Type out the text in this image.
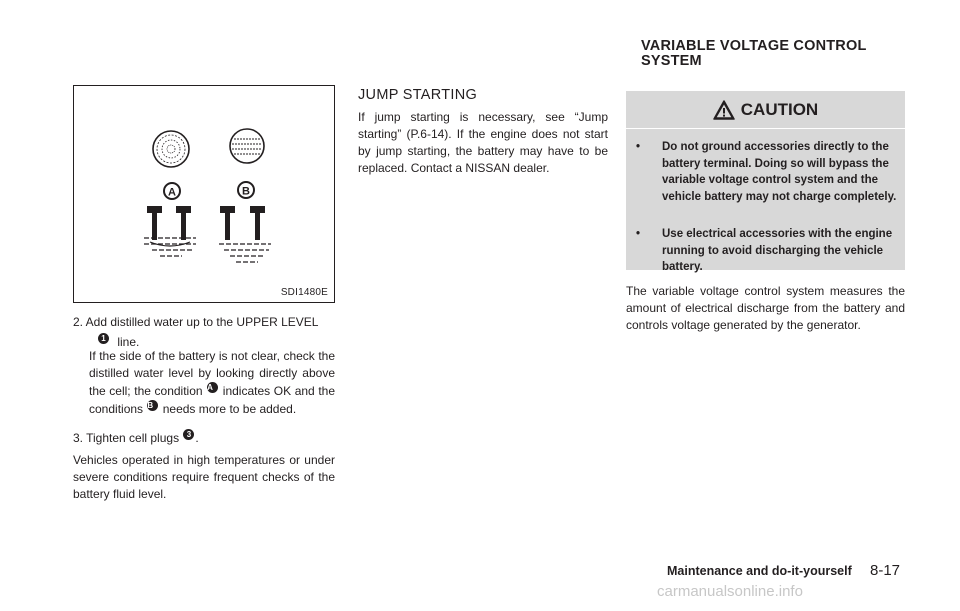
A	B
SDI1480E

2. Add distilled water up to the UPPER LEVEL

1 line.

If the side of the battery is not clear, check the distilled water level by looking directly above the cell; the condition A indicates OK and the conditions B needs more to be added.

3. Tighten cell plugs 3 .

Vehicles operated in high temperatures or under severe conditions require frequent checks of the battery fluid level.

JUMP STARTING

If jump starting is necessary, see “Jump starting” (P.6-14). If the engine does not start by jump starting, the battery may have to be replaced. Contact a NISSAN dealer.

CAUTION
• Do not ground accessories directly to the battery terminal. Doing so will bypass the variable voltage control system and the vehicle battery may not charge completely.
• Use electrical accessories with the engine running to avoid discharging the vehicle battery.
VARIABLE VOLTAGE CONTROL
SYSTEM

The variable voltage control system measures the amount of electrical discharge from the battery and controls voltage generated by the generator.

Maintenance and do-it-yourself 8-17
carmanualsonline.info
